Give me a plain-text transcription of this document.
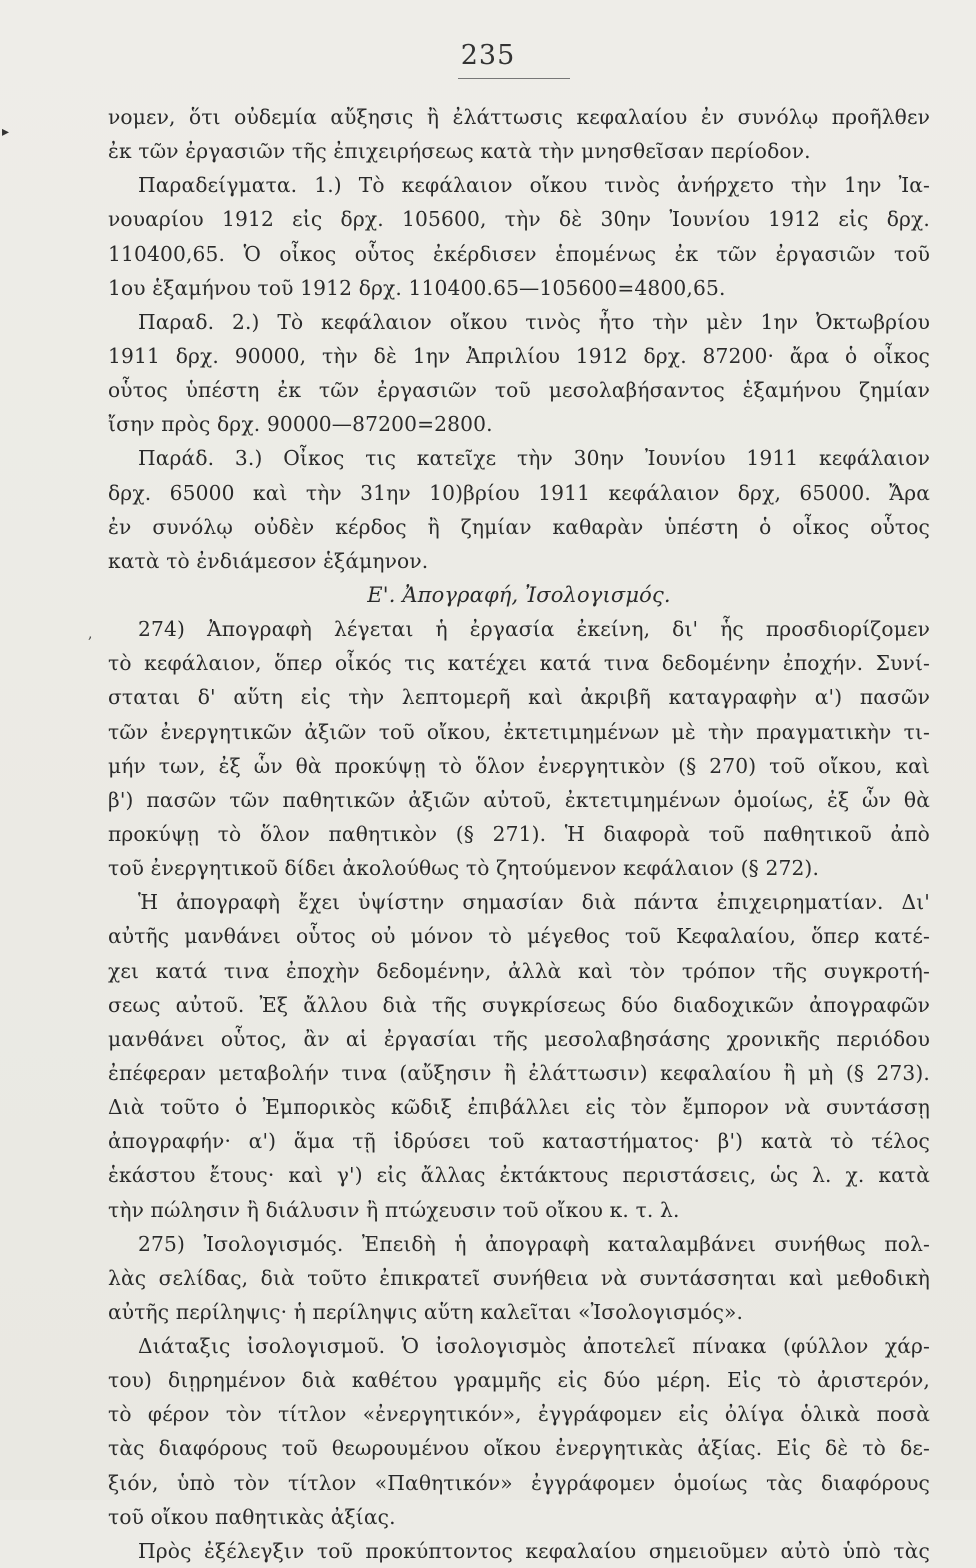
▸
,
235
νομεν, ὅτι οὐδεμία αὔξησις ἢ ἐλάττωσις κεφαλαίου ἐν συνόλῳ προῆλθεν
ἐκ τῶν ἐργασιῶν τῆς ἐπιχειρήσεως κατὰ τὴν μνησθεῖσαν περίοδον.
Παραδείγματα. 1.) Τὸ κεφάλαιον οἴκου τινὸς ἀνήρχετο τὴν 1ην Ἰα-
νουαρίου 1912 εἰς δρχ. 105600, τὴν δὲ 30ην Ἰουνίου 1912 εἰς δρχ.
110400,65. Ὁ οἶκος οὗτος ἐκέρδισεν ἑπομένως ἐκ τῶν ἐργασιῶν τοῦ
1ου ἑξαμήνου τοῦ 1912 δρχ. 110400.65—105600=4800,65.
Παραδ. 2.) Τὸ κεφάλαιον οἴκου τινὸς ἦτο τὴν μὲν 1ην Ὀκτωβρίου
1911 δρχ. 90000, τὴν δὲ 1ην Ἀπριλίου 1912 δρχ. 87200· ἄρα ὁ οἶκος
οὗτος ὑπέστη ἐκ τῶν ἐργασιῶν τοῦ μεσολαβήσαντος ἑξαμήνου ζημίαν
ἴσην πρὸς δρχ. 90000—87200=2800.
Παράδ. 3.) Οἶκος τις κατεῖχε τὴν 30ην Ἰουνίου 1911 κεφάλαιον
δρχ. 65000 καὶ τὴν 31ην 10)βρίου 1911 κεφάλαιον δρχ, 65000. Ἄρα
ἐν συνόλῳ οὐδὲν κέρδος ἢ ζημίαν καθαρὰν ὑπέστη ὁ οἶκος οὗτος
κατὰ τὸ ἐνδιάμεσον ἑξάμηνον.
Ε'. Ἀπογραφή, Ἰσολογισμός.
274) Ἀπογραφὴ λέγεται ἡ ἐργασία ἐκείνη, δι' ἧς προσδιορίζομεν
τὸ κεφάλαιον, ὅπερ οἶκός τις κατέχει κατά τινα δεδομένην ἐποχήν. Συνί-
σταται δ' αὕτη εἰς τὴν λεπτομερῆ καὶ ἀκριβῆ καταγραφὴν α') πασῶν
τῶν ἐνεργητικῶν ἀξιῶν τοῦ οἴκου, ἐκτετιμημένων μὲ τὴν πραγματικὴν τι-
μήν των, ἐξ ὧν θὰ προκύψῃ τὸ ὅλον ἐνεργητικὸν (§ 270) τοῦ οἴκου, καὶ
β') πασῶν τῶν παθητικῶν ἀξιῶν αὐτοῦ, ἐκτετιμημένων ὁμοίως, ἐξ ὧν θὰ
προκύψῃ τὸ ὅλον παθητικὸν (§ 271). Ἡ διαφορὰ τοῦ παθητικοῦ ἀπὸ
τοῦ ἐνεργητικοῦ δίδει ἀκολούθως τὸ ζητούμενον κεφάλαιον (§ 272).
Ἡ ἀπογραφὴ ἔχει ὑψίστην σημασίαν διὰ πάντα ἐπιχειρηματίαν. Δι'
αὐτῆς μανθάνει οὗτος οὐ μόνον τὸ μέγεθος τοῦ Κεφαλαίου, ὅπερ κατέ-
χει κατά τινα ἐποχὴν δεδομένην, ἀλλὰ καὶ τὸν τρόπον τῆς συγκροτή-
σεως αὐτοῦ. Ἐξ ἄλλου διὰ τῆς συγκρίσεως δύο διαδοχικῶν ἀπογραφῶν
μανθάνει οὗτος, ἂν αἱ ἐργασίαι τῆς μεσολαβησάσης χρονικῆς περιόδου
ἐπέφεραν μεταβολήν τινα (αὔξησιν ἢ ἐλάττωσιν) κεφαλαίου ἢ μὴ (§ 273).
Διὰ τοῦτο ὁ Ἐμπορικὸς κῶδιξ ἐπιβάλλει εἰς τὸν ἔμπορον νὰ συντάσσῃ
ἀπογραφήν· α') ἅμα τῇ ἱδρύσει τοῦ καταστήματος· β') κατὰ τὸ τέλος
ἑκάστου ἔτους· καὶ γ') εἰς ἄλλας ἐκτάκτους περιστάσεις, ὡς λ. χ. κατὰ
τὴν πώλησιν ἢ διάλυσιν ἢ πτώχευσιν τοῦ οἴκου κ. τ. λ.
275) Ἰσολογισμός. Ἐπειδὴ ἡ ἀπογραφὴ καταλαμβάνει συνήθως πολ-
λὰς σελίδας, διὰ τοῦτο ἐπικρατεῖ συνήθεια νὰ συντάσσηται καὶ μεθοδικὴ
αὐτῆς περίληψις· ἡ περίληψις αὕτη καλεῖται «Ἰσολογισμός».
Διάταξις ἰσολογισμοῦ. Ὁ ἰσολογισμὸς ἀποτελεῖ πίνακα (φύλλον χάρ-
του) διῃρημένον διὰ καθέτου γραμμῆς εἰς δύο μέρη. Εἰς τὸ ἀριστερόν,
τὸ φέρον τὸν τίτλον «ἐνεργητικόν», ἐγγράφομεν εἰς ὀλίγα ὁλικὰ ποσὰ
τὰς διαφόρους τοῦ θεωρουμένου οἴκου ἐνεργητικὰς ἀξίας. Εἰς δὲ τὸ δε-
ξιόν, ὑπὸ τὸν τίτλον «Παθητικόν» ἐγγράφομεν ὁμοίως τὰς διαφόρους
τοῦ οἴκου παθητικὰς ἀξίας.
Πρὸς ἐξέλεγξιν τοῦ προκύπτοντος κεφαλαίου σημειοῦμεν αὐτὸ ὑπὸ τὰς
